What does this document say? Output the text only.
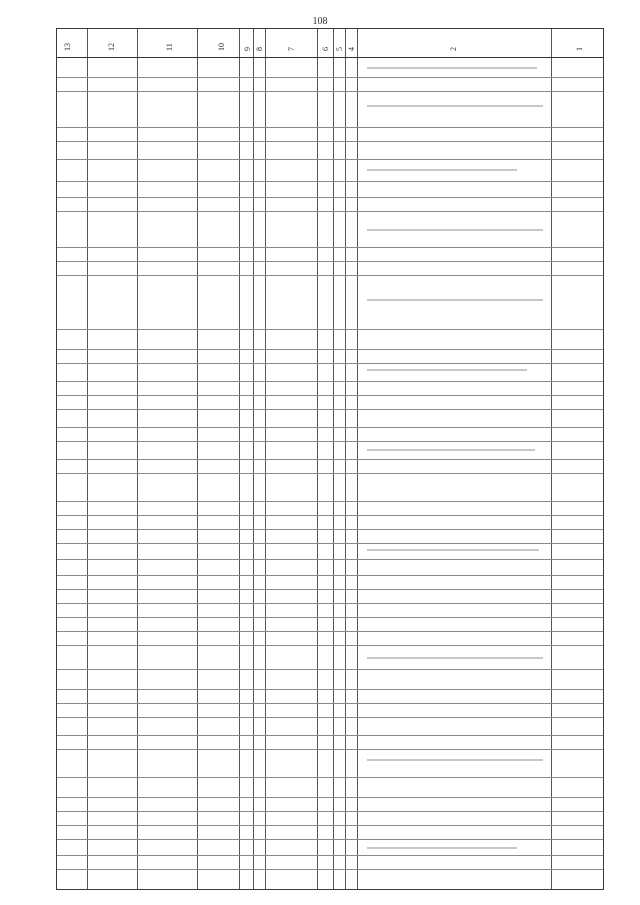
108
13	12	11	10 9 8	7	6 5 4	2	1
